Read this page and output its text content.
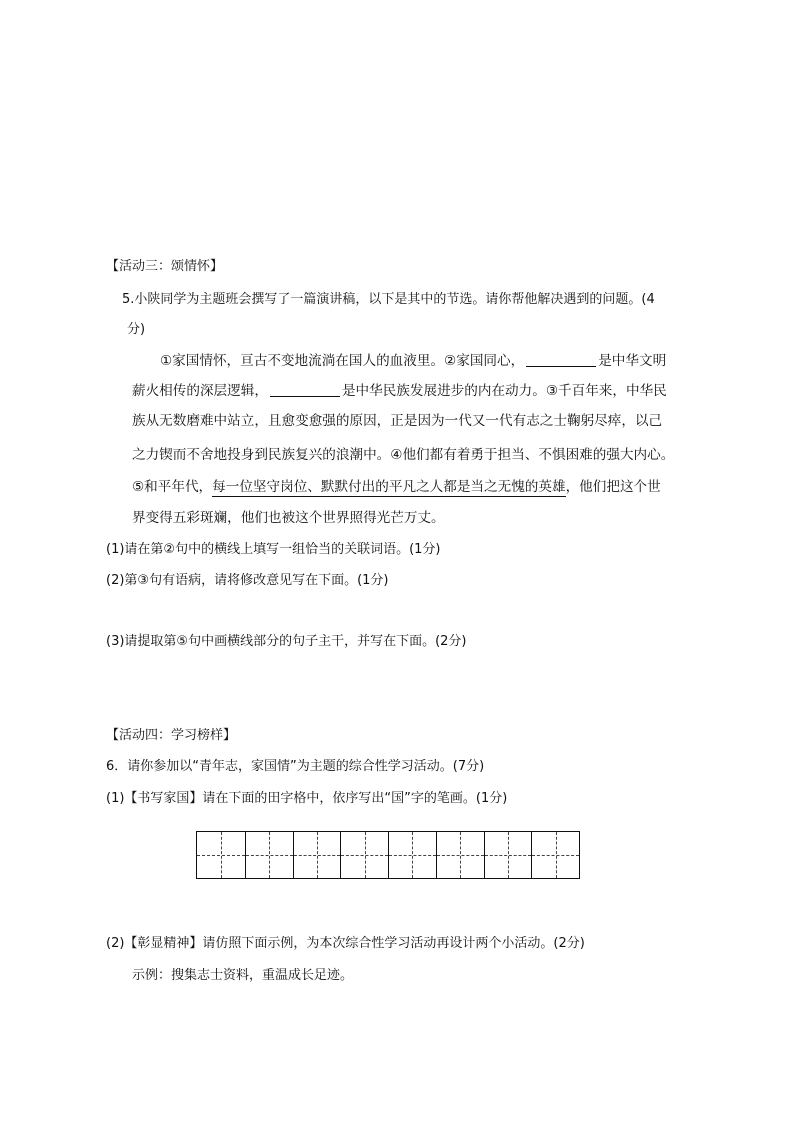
【活动三：颂情怀】
5.小陕同学为主题班会撰写了一篇演讲稿，以下是其中的节选。请你帮他解决遇到的问题。(4
分)
①家国情怀，亘古不变地流淌在国人的血液里。②家国同心，	是中华文明
薪火相传的深层逻辑，	是中华民族发展进步的内在动力。③千百年来，中华民
族从无数磨难中站立，且愈变愈强的原因，正是因为一代又一代有志之士鞠躬尽瘁，以己
之力锲而不舍地投身到民族复兴的浪潮中。④他们都有着勇于担当、不惧困难的强大内心。
⑤和平年代，每一位坚守岗位、默默付出的平凡之人都是当之无愧的英雄，他们把这个世
界变得五彩斑斓，他们也被这个世界照得光芒万丈。
(1)请在第②句中的横线上填写一组恰当的关联词语。(1分)
(2)第③句有语病，请将修改意见写在下面。(1分)
(3)请提取第⑤句中画横线部分的句子主干，并写在下面。(2分)
【活动四：学习榜样】
6．请你参加以“青年志，家国情”为主题的综合性学习活动。(7分)
(1)【书写家国】请在下面的田字格中，依序写出“国”字的笔画。(1分)
(2)【彰显精神】请仿照下面示例，为本次综合性学习活动再设计两个小活动。(2分)
示例：搜集志士资料，重温成长足迹。
